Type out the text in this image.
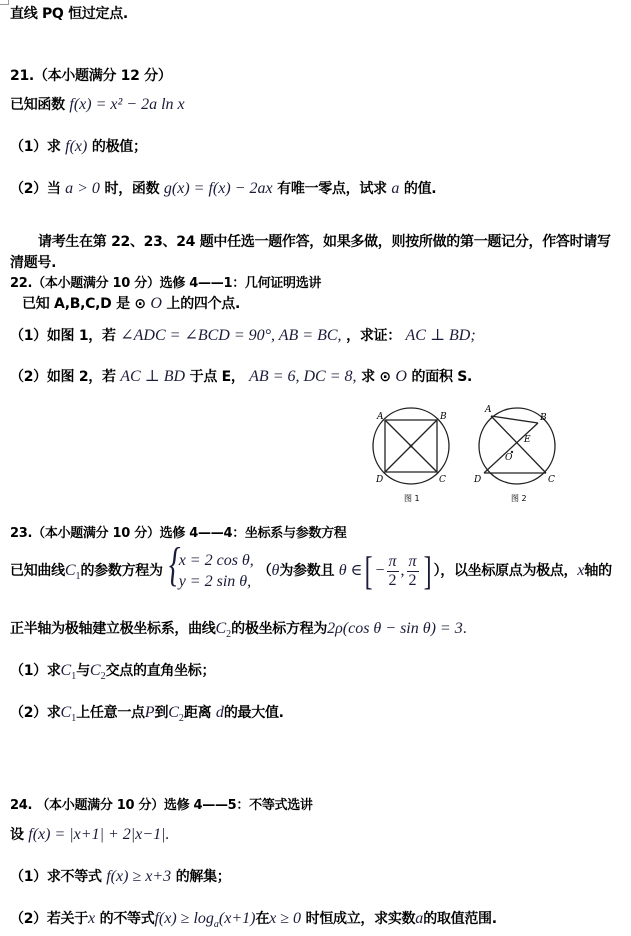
直线 PQ 恒过定点.
21.（本小题满分 12 分）
已知函数 f(x) = x² − 2a ln x
（1）求 f(x) 的极值；
（2）当 a > 0 时，函数 g(x) = f(x) − 2ax 有唯一零点，试求 a 的值.
请考生在第 22、23、24 题中任选一题作答，如果多做，则按所做的第一题记分，作答时请写
清题号.
22.（本小题满分 10 分）选修 4——1：几何证明选讲
已知 A,B,C,D 是 ⊙ O 上的四个点.
（1）如图 1，若 ∠ADC = ∠BCD = 90°, AB = BC, ，求证： AC ⊥ BD;
（2）如图 2，若 AC ⊥ BD 于点 E， AB = 6, DC = 8, 求 ⊙ O 的面积 S.
A	B
C
D
图 1
A
B
C
D
E
O
图 2
23.（本小题满分 10 分）选修 4——4：坐标系与参数方程
已知曲线$C_1$的参数方程为
{ x = 2 cos θ,
y = 2 sin θ,
（θ为参数且 θ ∈[ − $\frac{\pi}{2}$ , $\frac{\pi}{2}$ ] ），以坐标原点为极点，x轴的
正半轴为极轴建立极坐标系，曲线$C_2$的极坐标方程为2ρ(cos θ − sin θ) = 3.
（1）求$C_1$与$C_2$交点的直角坐标；
（2）求$C_1$上任意一点P到$C_2$距离 d的最大值.
24. （本小题满分 10 分）选修 4——5：不等式选讲
设 f(x) = |x+1| + 2|x−1|.
（1）求不等式 f(x) ≥ x+3 的解集；
（2）若关于x 的不等式$f(x) \ge \log_a(x+1)$在x ≥ 0 时恒成立，求实数a的取值范围.
